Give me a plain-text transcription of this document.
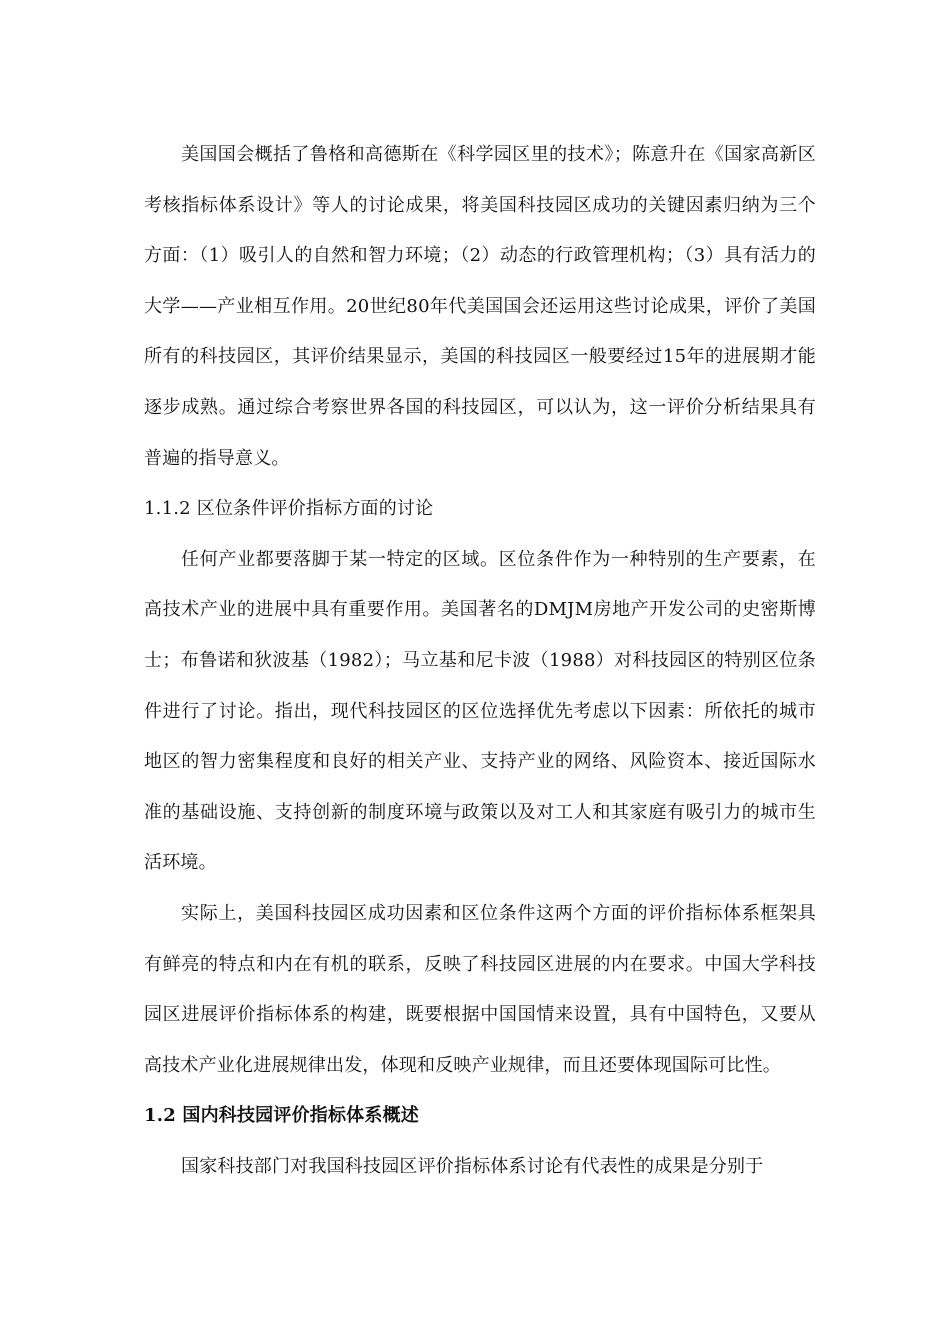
美国国会概括了鲁格和高德斯在《科学园区里的技术》；陈意升在《国家高新区考核指标体系设计》等人的讨论成果，将美国科技园区成功的关键因素归纳为三个方面：（1）吸引人的自然和智力环境；（2）动态的行政管理机构；（3）具有活力的大学——产业相互作用。20世纪80年代美国国会还运用这些讨论成果，评价了美国所有的科技园区，其评价结果显示，美国的科技园区一般要经过15年的进展期才能逐步成熟。通过综合考察世界各国的科技园区，可以认为，这一评价分析结果具有普遍的指导意义。

1.1.2 区位条件评价指标方面的讨论

任何产业都要落脚于某一特定的区域。区位条件作为一种特别的生产要素，在高技术产业的进展中具有重要作用。美国著名的DMJM房地产开发公司的史密斯博士；布鲁诺和狄波基（1982）；马立基和尼卡波（1988）对科技园区的特别区位条件进行了讨论。指出，现代科技园区的区位选择优先考虑以下因素：所依托的城市地区的智力密集程度和良好的相关产业、支持产业的网络、风险资本、接近国际水准的基础设施、支持创新的制度环境与政策以及对工人和其家庭有吸引力的城市生活环境。

实际上，美国科技园区成功因素和区位条件这两个方面的评价指标体系框架具有鲜亮的特点和内在有机的联系，反映了科技园区进展的内在要求。中国大学科技园区进展评价指标体系的构建，既要根据中国国情来设置，具有中国特色，又要从高技术产业化进展规律出发，体现和反映产业规律，而且还要体现国际可比性。

1.2 国内科技园评价指标体系概述

国家科技部门对我国科技园区评价指标体系讨论有代表性的成果是分别于
